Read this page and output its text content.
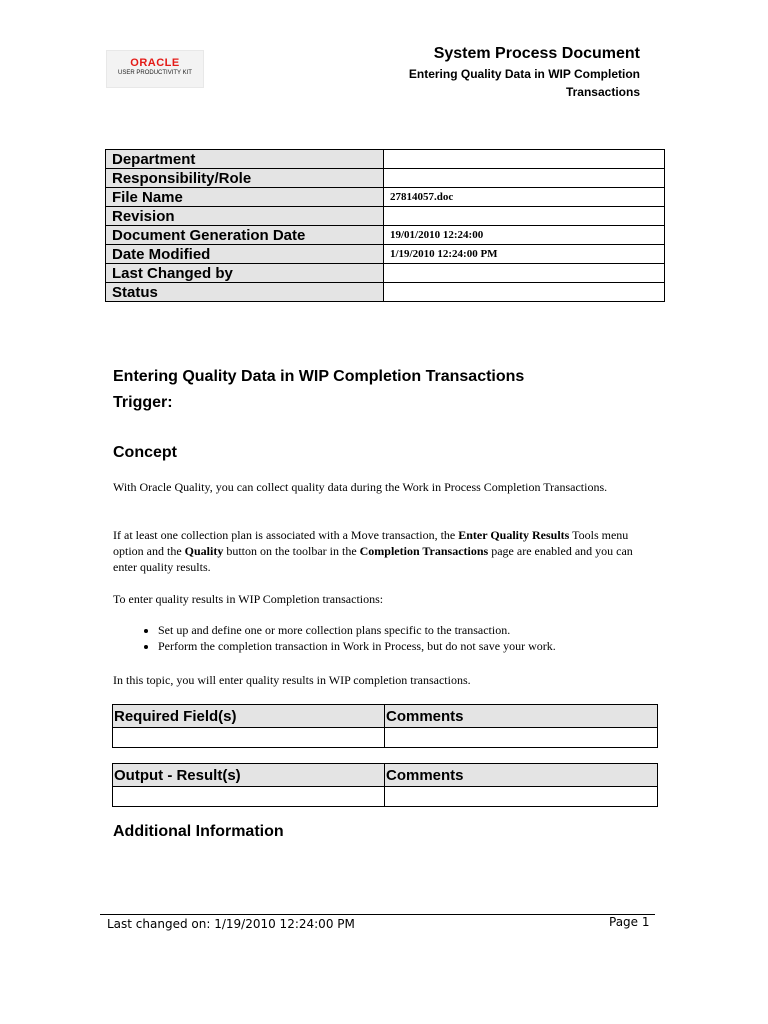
ORACLE
USER PRODUCTIVITY KIT
System Process Document
Entering Quality Data in WIP Completion
Transactions
Department	
Responsibility/Role	
File Name	27814057.doc
Revision	
Document Generation Date	19/01/2010 12:24:00
Date Modified	1/19/2010 12:24:00 PM
Last Changed by	
Status	
Entering Quality Data in WIP Completion Transactions
Trigger:
Concept
With Oracle Quality, you can collect quality data during the Work in Process Completion Transactions.
If at least one collection plan is associated with a Move transaction, the Enter Quality Results Tools menu option and the Quality button on the toolbar in the Completion Transactions page are enabled and you can enter quality results.
To enter quality results in WIP Completion transactions:
• Set up and define one or more collection plans specific to the transaction.
• Perform the completion transaction in Work in Process, but do not save your work.
In this topic, you will enter quality results in WIP completion transactions.
Required Field(s)	Comments

Output - Result(s)	Comments

Additional Information
Last changed on: 1/19/2010 12:24:00 PM	Page 1
